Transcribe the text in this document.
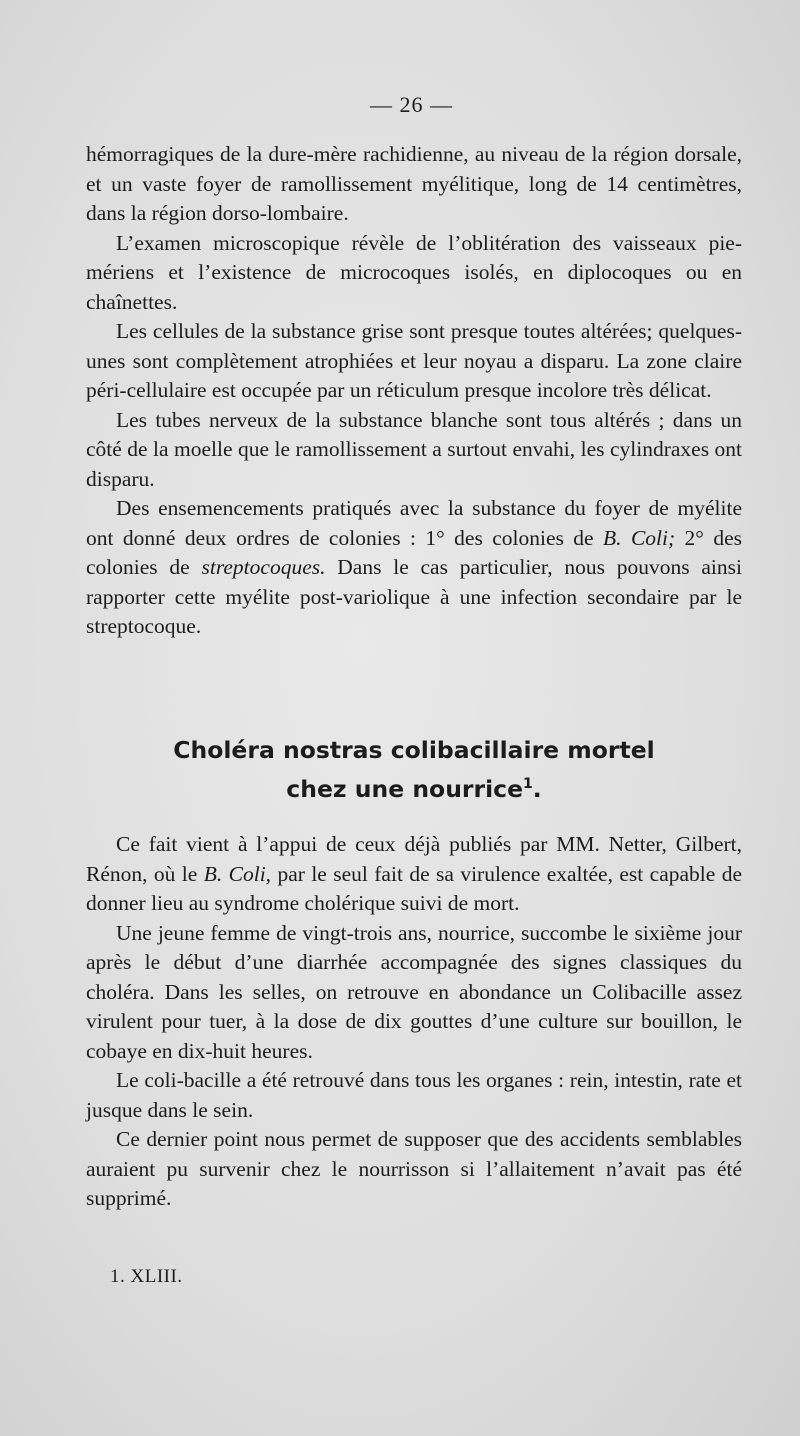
— 26 —

hémorragiques de la dure-mère rachidienne, au niveau de la région dorsale, et un vaste foyer de ramollissement myélitique, long de 14 centimètres, dans la région dorso-lombaire.

L’examen microscopique révèle de l’oblitération des vaisseaux pie-mériens et l’existence de microcoques isolés, en diplocoques ou en chaînettes.

Les cellules de la substance grise sont presque toutes altérées; quelques-unes sont complètement atrophiées et leur noyau a disparu. La zone claire péri-cellulaire est occupée par un réticulum presque incolore très délicat.

Les tubes nerveux de la substance blanche sont tous altérés ; dans un côté de la moelle que le ramollissement a surtout envahi, les cylindraxes ont disparu.

Des ensemencements pratiqués avec la substance du foyer de myélite ont donné deux ordres de colonies : 1° des colonies de B. Coli; 2° des colonies de streptocoques. Dans le cas particulier, nous pouvons ainsi rapporter cette myélite post-variolique à une infection secondaire par le streptocoque.

Choléra nostras colibacillaire mortel
chez une nourrice$^1$.

Ce fait vient à l’appui de ceux déjà publiés par MM. Netter, Gilbert, Rénon, où le B. Coli, par le seul fait de sa virulence exaltée, est capable de donner lieu au syndrome cholérique suivi de mort.

Une jeune femme de vingt-trois ans, nourrice, succombe le sixième jour après le début d’une diarrhée accompagnée des signes classiques du choléra. Dans les selles, on retrouve en abondance un Colibacille assez virulent pour tuer, à la dose de dix gouttes d’une culture sur bouillon, le cobaye en dix-huit heures.

Le coli-bacille a été retrouvé dans tous les organes : rein, intestin, rate et jusque dans le sein.

Ce dernier point nous permet de supposer que des accidents semblables auraient pu survenir chez le nourrisson si l’allaitement n’avait pas été supprimé.

1. XLIII.
